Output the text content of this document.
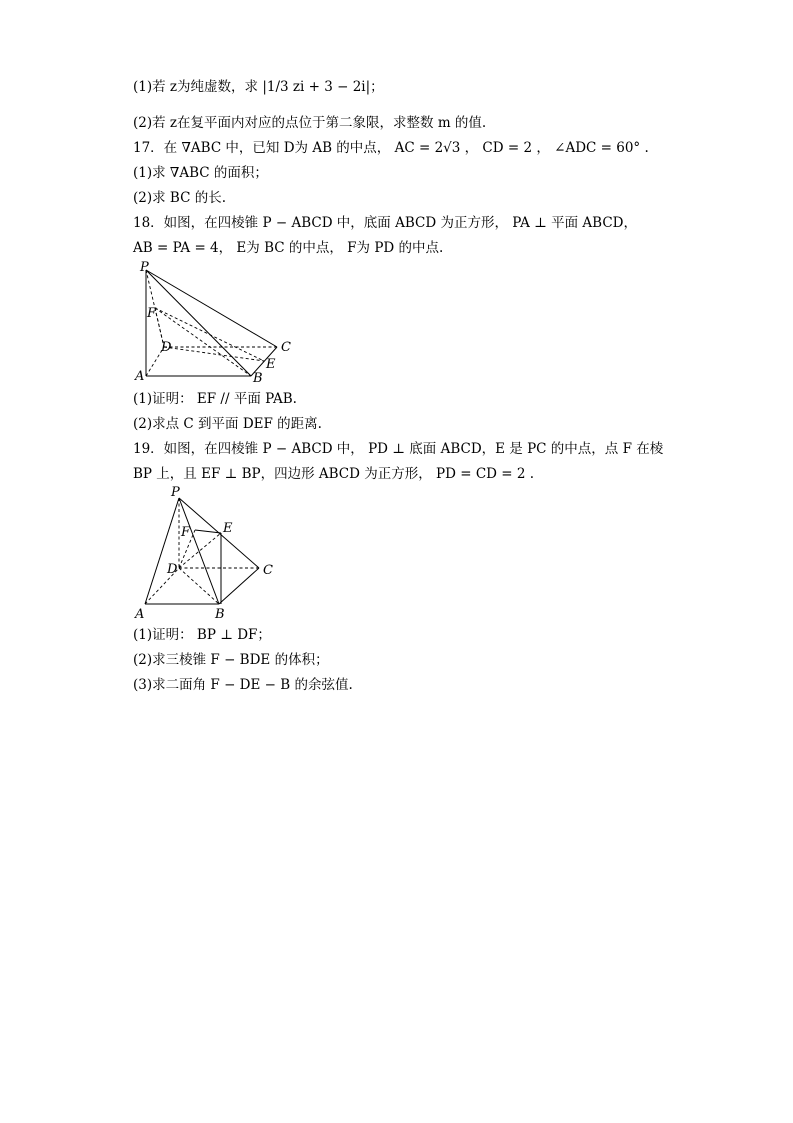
(1)若 z为纯虚数，求 |1/3 zi + 3 − 2i|；
(2)若 z在复平面内对应的点位于第二象限，求整数 m 的值.
17．在 ∇ABC 中，已知 D为 AB 的中点， AC = 2√3 ， CD = 2 ， ∠ADC = 60° .
(1)求 ∇ABC 的面积；
(2)求 BC 的长.
18．如图，在四棱锥 P − ABCD 中，底面 ABCD 为正方形， PA ⊥ 平面 ABCD，
AB = PA = 4， E为 BC 的中点， F为 PD 的中点.
P
F
D	C
E
A	B
(1)证明： EF // 平面 PAB.
(2)求点 C 到平面 DEF 的距离.
19．如图，在四棱锥 P − ABCD 中， PD ⊥ 底面 ABCD，E 是 PC 的中点，点 F 在棱
BP 上，且 EF ⊥ BP，四边形 ABCD 为正方形， PD = CD = 2 .
P
F	E
D	C
A	B
(1)证明： BP ⊥ DF；
(2)求三棱锥 F − BDE 的体积；
(3)求二面角 F − DE − B 的余弦值.
